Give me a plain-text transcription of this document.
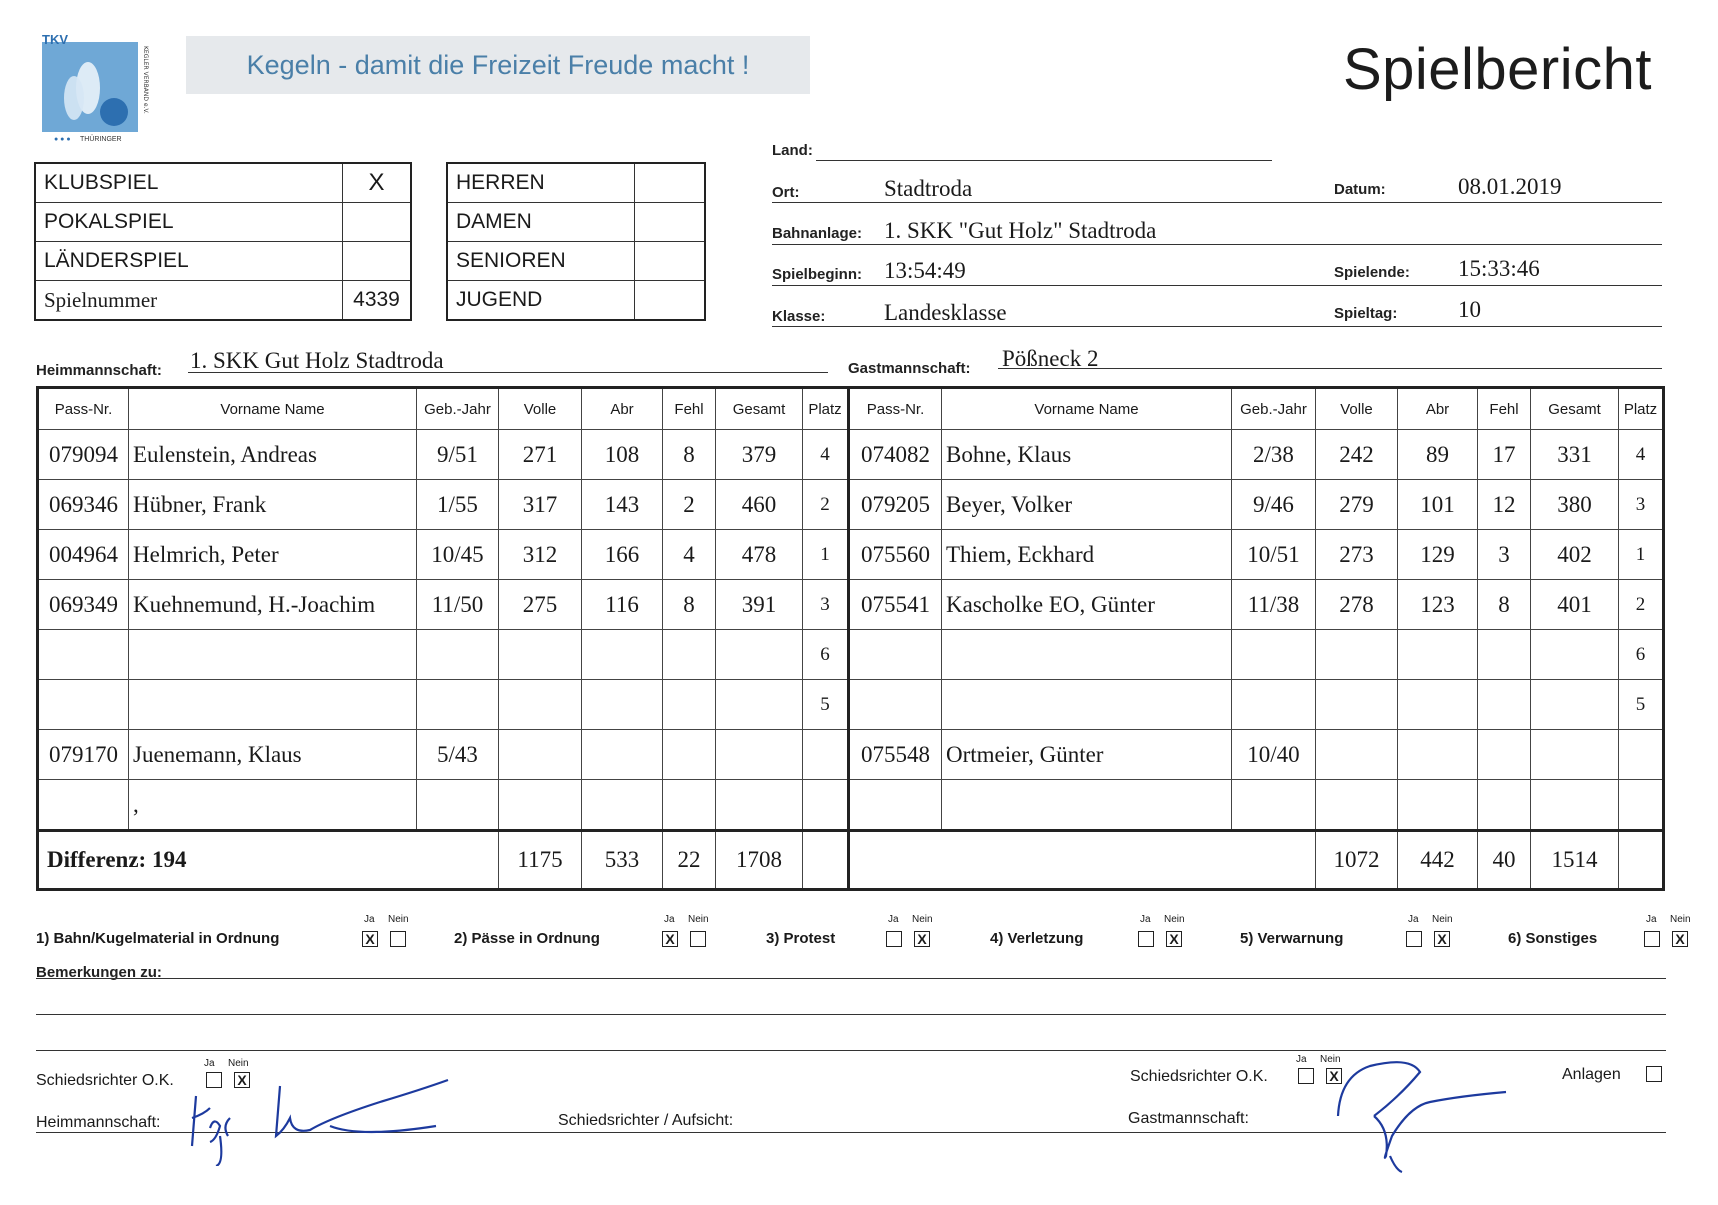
KEGLER VERBAND e.V.
TKV
● ● ● THÜRINGER
Kegeln - damit die Freizeit Freude macht !	Spielbericht
KLUBSPIEL	X
POKALSPIEL	
LÄNDERSPIEL	
Spielnummer	4339
HERREN	
DAMEN	
SENIOREN	
JUGEND	
Land:
Ort:	Stadtroda	Datum:	08.01.2019
Bahnanlage: 1. SKK "Gut Holz" Stadtroda
Spielbeginn: 13:54:49	Spielende: 15:33:46
Klasse:	Landesklasse	Spieltag:	10
Heimmannschaft: 1. SKK Gut Holz Stadtroda	Gastmannschaft: Pößneck 2
Pass-Nr.	Vorname Name	Geb.-Jahr	Volle	Abr	Fehl	Gesamt	Platz	Pass-Nr.	Vorname Name	Geb.-Jahr	Volle	Abr	Fehl	Gesamt	Platz
079094	Eulenstein, Andreas	9/51	271	108	8	379	4	074082	Bohne, Klaus	2/38	242	89	17	331	4
069346	Hübner, Frank	1/55	317	143	2	460	2	079205	Beyer, Volker	9/46	279	101	12	380	3
004964	Helmrich, Peter	10/45	312	166	4	478	1	075560	Thiem, Eckhard	10/51	273	129	3	402	1
069349	Kuehnemund, H.-Joachim	11/50	275	116	8	391	3	075541	Kascholke EO, Günter	11/38	278	123	8	401	2
							6								6
							5								5
079170	Juenemann, Klaus	5/43						075548	Ortmeier, Günter	10/40					
	,														
Differenz: 194			1175	533	22	1708					1072	442	40	1514	
1) Bahn/Kugelmaterial in Ordnung
Ja Nein
X	2) Pässe in Ordnung
Ja Nein
X	3) Protest
Ja Nein
X	4) Verletzung
Ja Nein
X	5) Verwarnung
Ja Nein
X	6) Sonstiges
Ja Nein
X
Bemerkungen zu:
Schiedsrichter O.K.
Ja Nein
X	Schiedsrichter O.K.
Ja Nein
X	Anlagen
Heimmannschaft:	Schiedsrichter / Aufsicht:	Gastmannschaft:
